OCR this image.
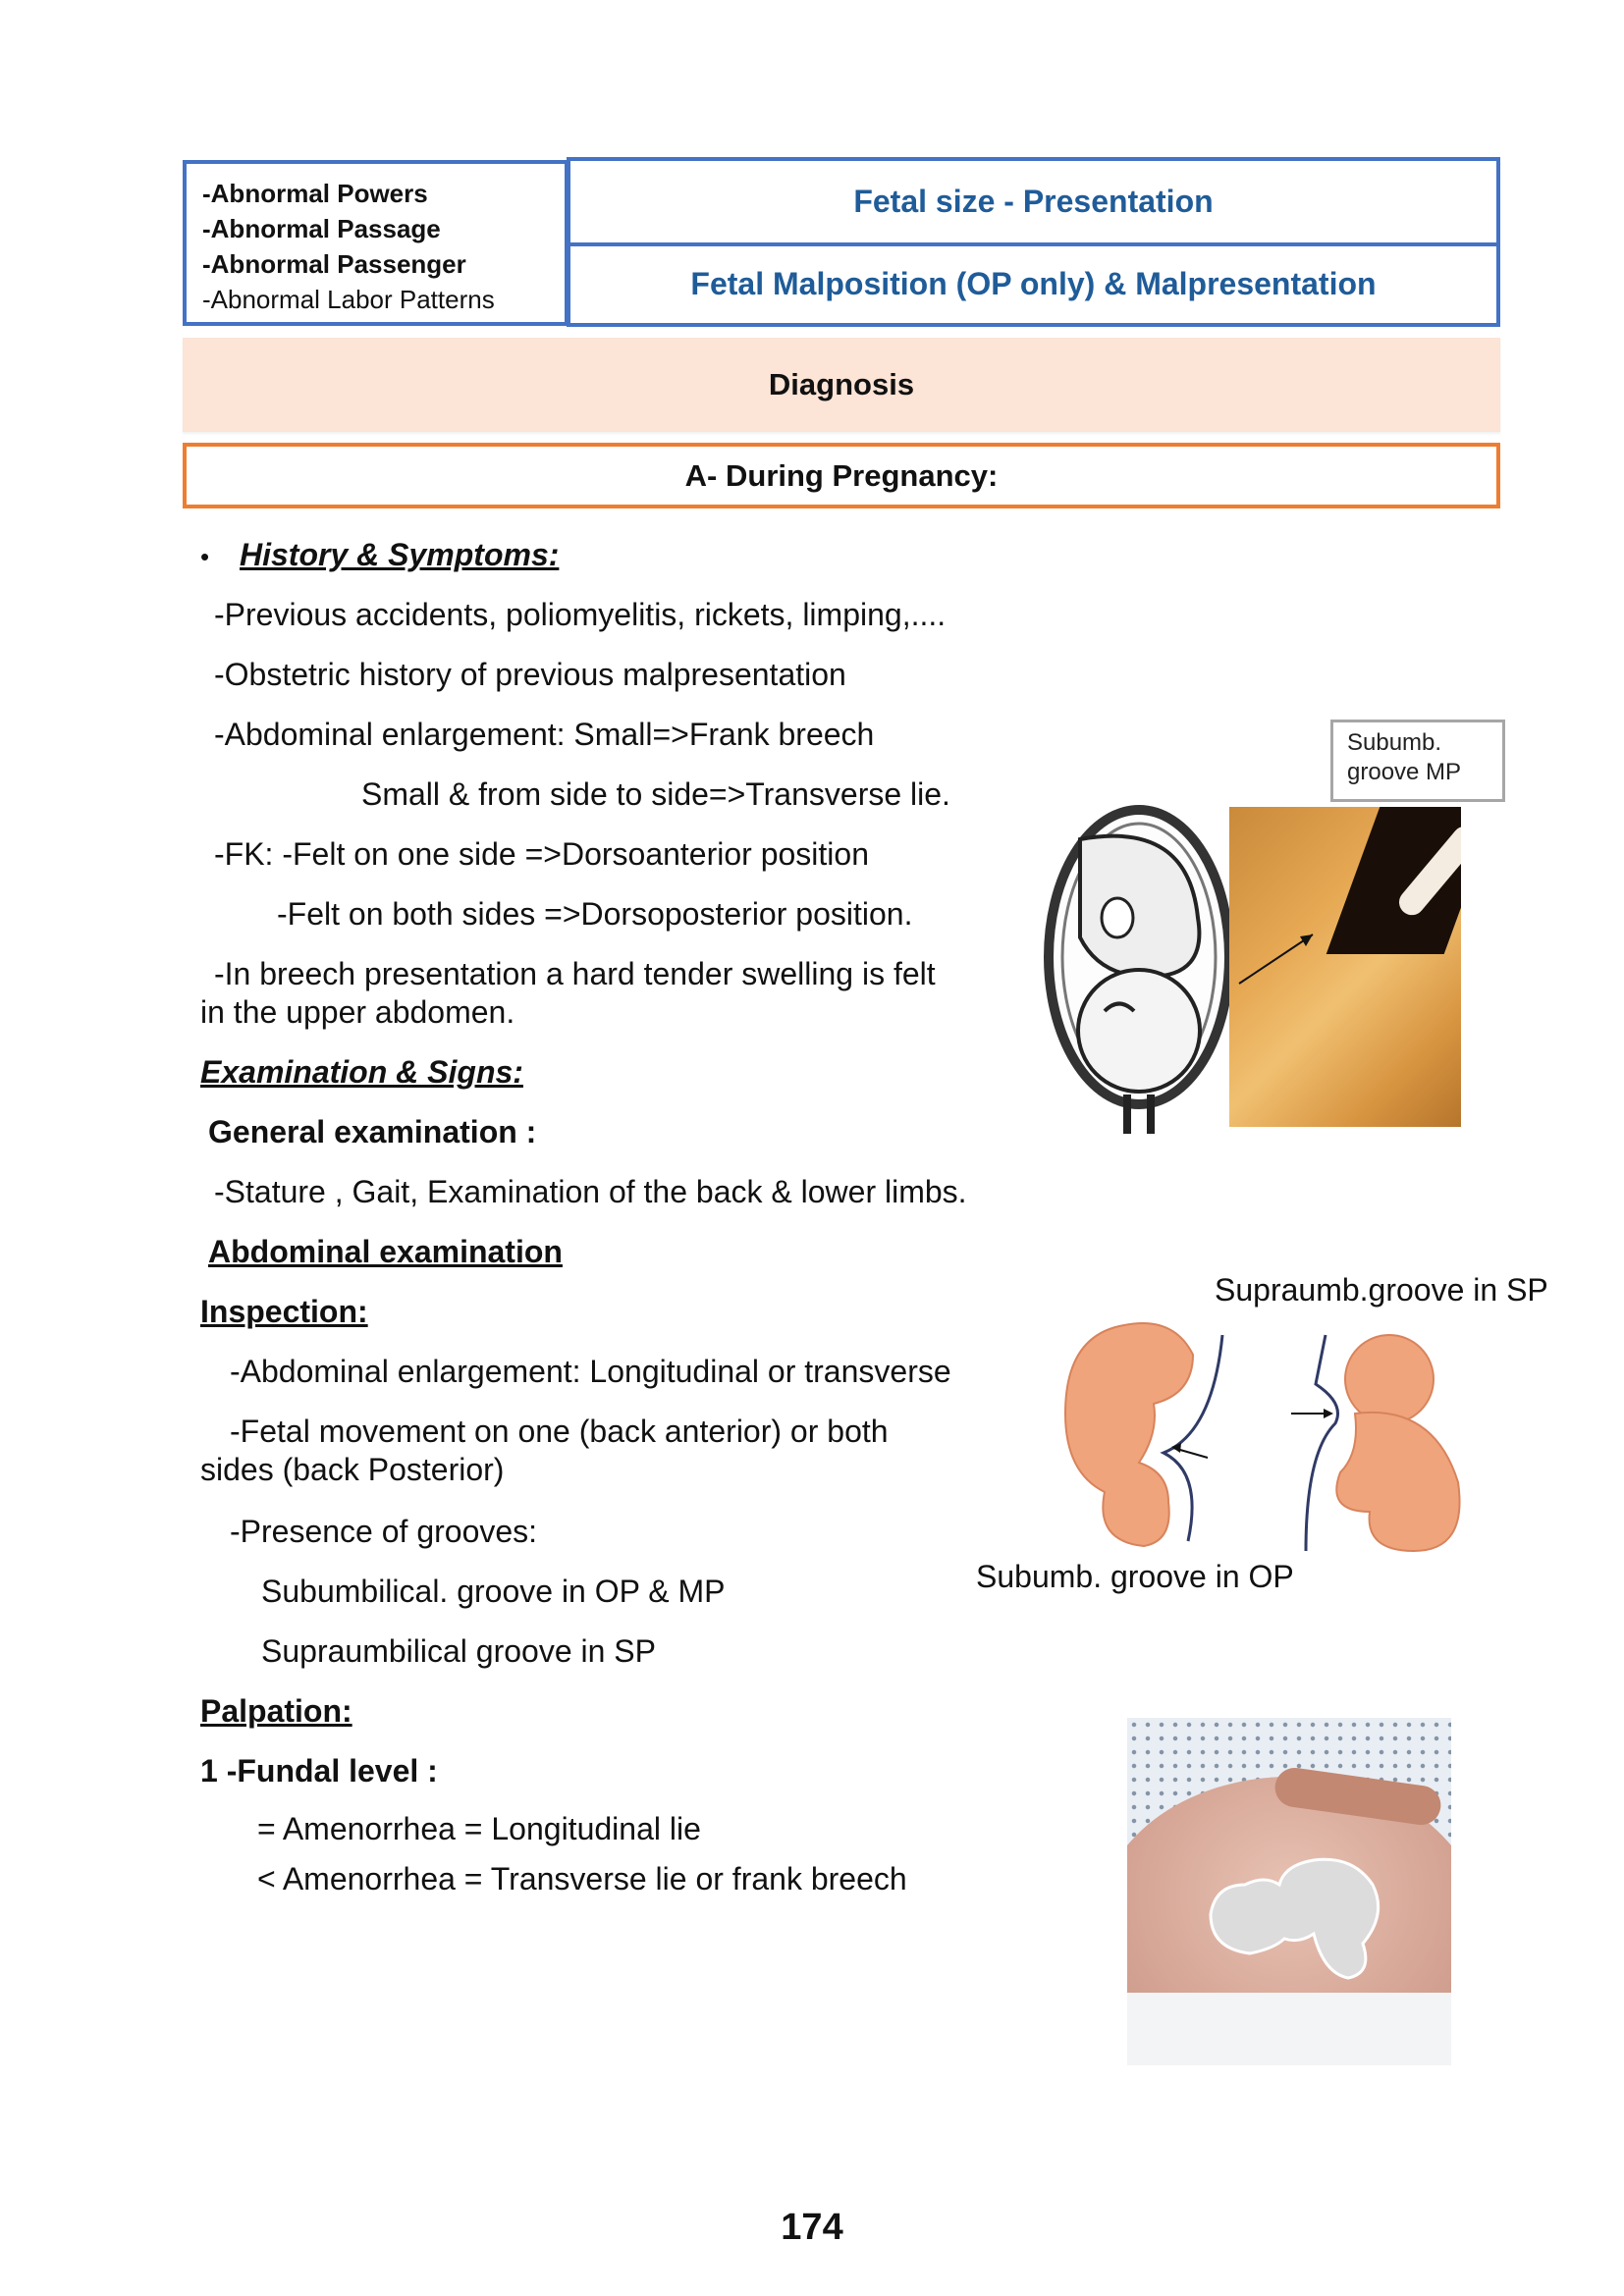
-Abnormal Powers
-Abnormal Passage
-Abnormal Passenger
-Abnormal Labor Patterns
Fetal size - Presentation
Fetal Malposition (OP only) & Malpresentation
Diagnosis
A- During Pregnancy:
• History & Symptoms:
-Previous accidents, poliomyelitis, rickets, limping,....
-Obstetric history of previous malpresentation
-Abdominal enlargement: Small=>Frank breech
Small & from side to side=>Transverse lie.
-FK: -Felt on one side =>Dorsoanterior position
-Felt on both sides =>Dorsoposterior position.
-In breech presentation a hard tender swelling is felt
in the upper abdomen.
Examination & Signs:
General examination :
-Stature , Gait, Examination of the back & lower limbs.
Abdominal examination
Inspection:
-Abdominal enlargement: Longitudinal or transverse
-Fetal movement on one (back anterior) or both
sides (back Posterior)
-Presence of grooves:
Subumbilical. groove in OP & MP
Supraumbilical groove in SP
Palpation:
1 -Fundal level :
= Amenorrhea = Longitudinal lie
< Amenorrhea = Transverse lie or frank breech
Subumb.
groove MP
Supraumb.groove in SP
Subumb. groove in OP
174
